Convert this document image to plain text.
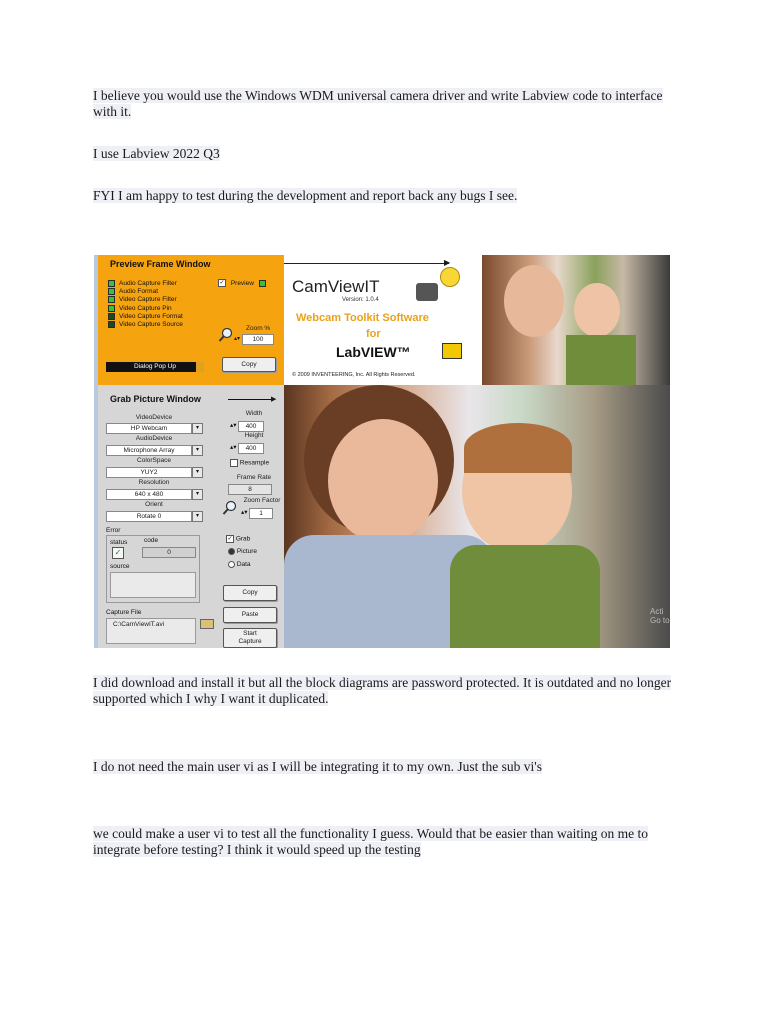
I believe you would use the Windows WDM universal camera driver and write Labview code to interface with it.
I use Labview 2022 Q3
FYI I am happy to test during the development and report back any bugs I see.
Preview Frame Window
Audio Capture Filter
Audio Format
Video Capture Filter
Video Capture Pin
Video Capture Format
Video Capture Source
✓ Preview
Zoom %
▴▾	100
Dialog Pop Up	Copy
▶
CamViewIT
Version: 1.0.4
Webcam Toolkit Software
for
LabVIEW™
© 2009 INVENTEERING, Inc. All Rights Reserved.
Grab Picture Window	▶
VideoDevice
HP Webcam	▾
AudioDevice
Microphone Array	▾
ColorSpace
YUY2	▾
Resolution
640 x 480	▾
Orient
Rotate 0	▾
Width
▴▾	400
Height
▴▾	400
Resample
Frame Rate
8
Zoom Factor
▴▾	1
Error
status	code
✓	0
source
✓ Grab
Picture
Data
Copy
Paste
Start
Capture
Capture File
C:\CamViewIT.avi
Acti
Go to
I did download and install it but all the block diagrams are password protected. It is outdated and no longer supported which I why I want it duplicated.
I do not need the main user vi as I will be integrating it to my own. Just the sub vi's
we could make a user vi to test all the functionality I guess. Would that be easier than waiting on me to integrate before testing? I think it would speed up the testing
